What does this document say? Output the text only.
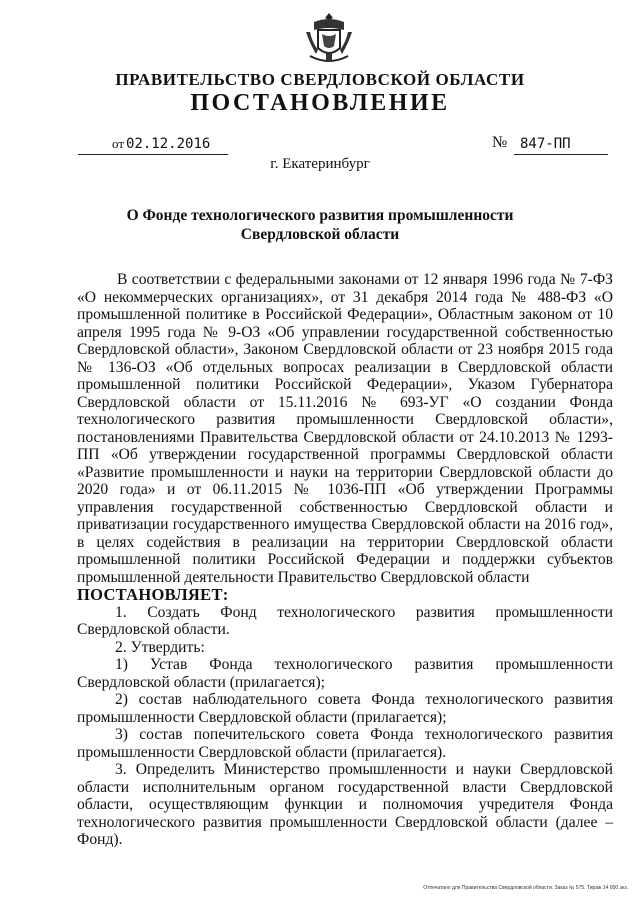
ПРАВИТЕЛЬСТВО СВЕРДЛОВСКОЙ ОБЛАСТИ
ПОСТАНОВЛЕНИЕ
от 02.12.2016	№ 847-ПП
г. Екатеринбург
О Фонде технологического развития промышленности
Свердловской области

В соответствии с федеральными законами от 12 января 1996 года № 7-ФЗ «О некоммерческих организациях», от 31 декабря 2014 года № 488-ФЗ «О промышленной политике в Российской Федерации», Областным законом от 10 апреля 1995 года № 9-ОЗ «Об управлении государственной собственностью Свердловской области», Законом Свердловской области от 23 ноября 2015 года № 136-ОЗ «Об отдельных вопросах реализации в Свердловской области промышленной политики Российской Федерации», Указом Губернатора Свердловской области от 15.11.2016 № 693-УГ «О создании Фонда технологического развития промышленности Свердловской области», постановлениями Правительства Свердловской области от 24.10.2013 № 1293-ПП «Об утверждении государственной программы Свердловской области «Развитие промышленности и науки на территории Свердловской области до 2020 года» и от 06.11.2015 № 1036-ПП «Об утверждении Программы управления государственной собственностью Свердловской области и приватизации государственного имущества Свердловской области на 2016 год», в целях содействия в реализации на территории Свердловской области промышленной политики Российской Федерации и поддержки субъектов промышленной деятельности Правительство Свердловской области

ПОСТАНОВЛЯЕТ:

1. Создать Фонд технологического развития промышленности Свердловской области.

2. Утвердить:

1) Устав Фонда технологического развития промышленности Свердловской области (прилагается);

2) состав наблюдательного совета Фонда технологического развития промышленности Свердловской области (прилагается);

3) состав попечительского совета Фонда технологического развития промышленности Свердловской области (прилагается).

3. Определить Министерство промышленности и науки Свердловской области исполнительным органом государственной власти Свердловской области, осуществляющим функции и полномочия учредителя Фонда технологического развития промышленности Свердловской области (далее – Фонд).

Отпечатано для Правительства Свердловской области. Заказ № 575. Тираж 14 000 экз.
